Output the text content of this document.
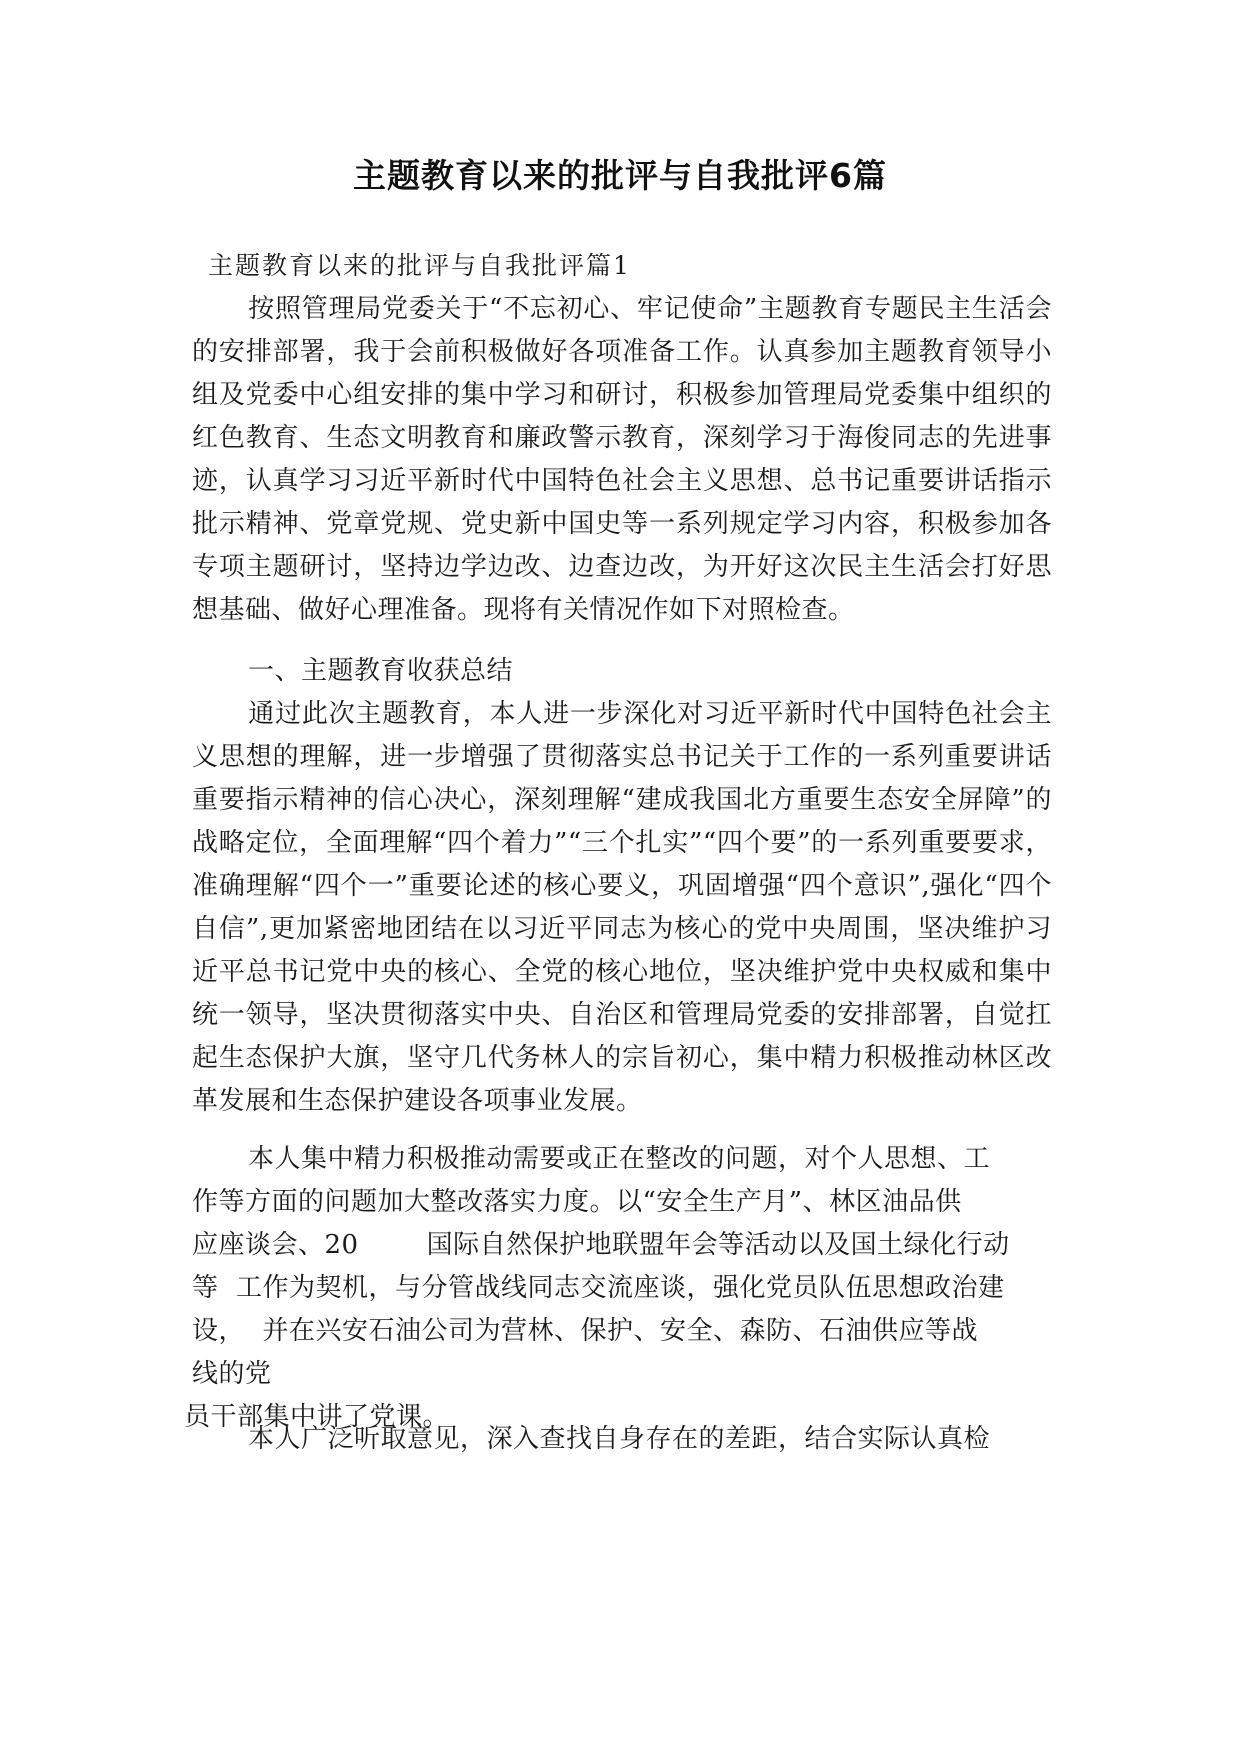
主题教育以来的批评与自我批评6篇
主题教育以来的批评与自我批评篇1
按照管理局党委关于“不忘初心、牢记使命”主题教育专题民主生活会的安排部署，我于会前积极做好各项准备工作。认真参加主题教育领导小组及党委中心组安排的集中学习和研讨，积极参加管理局党委集中组织的红色教育、生态文明教育和廉政警示教育，深刻学习于海俊同志的先进事迹，认真学习习近平新时代中国特色社会主义思想、总书记重要讲话指示批示精神、党章党规、党史新中国史等一系列规定学习内容，积极参加各专项主题研讨，坚持边学边改、边查边改，为开好这次民主生活会打好思想基础、做好心理准备。现将有关情况作如下对照检查。
一、主题教育收获总结
通过此次主题教育，本人进一步深化对习近平新时代中国特色社会主义思想的理解，进一步增强了贯彻落实总书记关于工作的一系列重要讲话重要指示精神的信心决心，深刻理解“建成我国北方重要生态安全屏障”的战略定位，全面理解“四个着力”“三个扎实”“四个要”的一系列重要要求，准确理解“四个一”重要论述的核心要义，巩固增强“四个意识”,强化“四个自信”,更加紧密地团结在以习近平同志为核心的党中央周围，坚决维护习近平总书记党中央的核心、全党的核心地位，坚决维护党中央权威和集中统一领导，坚决贯彻落实中央、自治区和管理局党委的安排部署，自觉扛起生态保护大旗，坚守几代务林人的宗旨初心，集中精力积极推动林区改革发展和生态保护建设各项事业发展。
本人集中精力积极推动需要或正在整改的问题，对个人思想、工
作等方面的问题加大整改落实力度。以“安全生产月”、林区油品供
应座谈会、20	国际自然保护地联盟年会等活动以及国土绿化行动
等  工作为契机，与分管战线同志交流座谈，强化党员队伍思想政治建
设，  并在兴安石油公司为营林、保护、安全、森防、石油供应等战
线的党
员干部集中讲了党课。
本人广泛听取意见，深入查找自身存在的差距，结合实际认真检
